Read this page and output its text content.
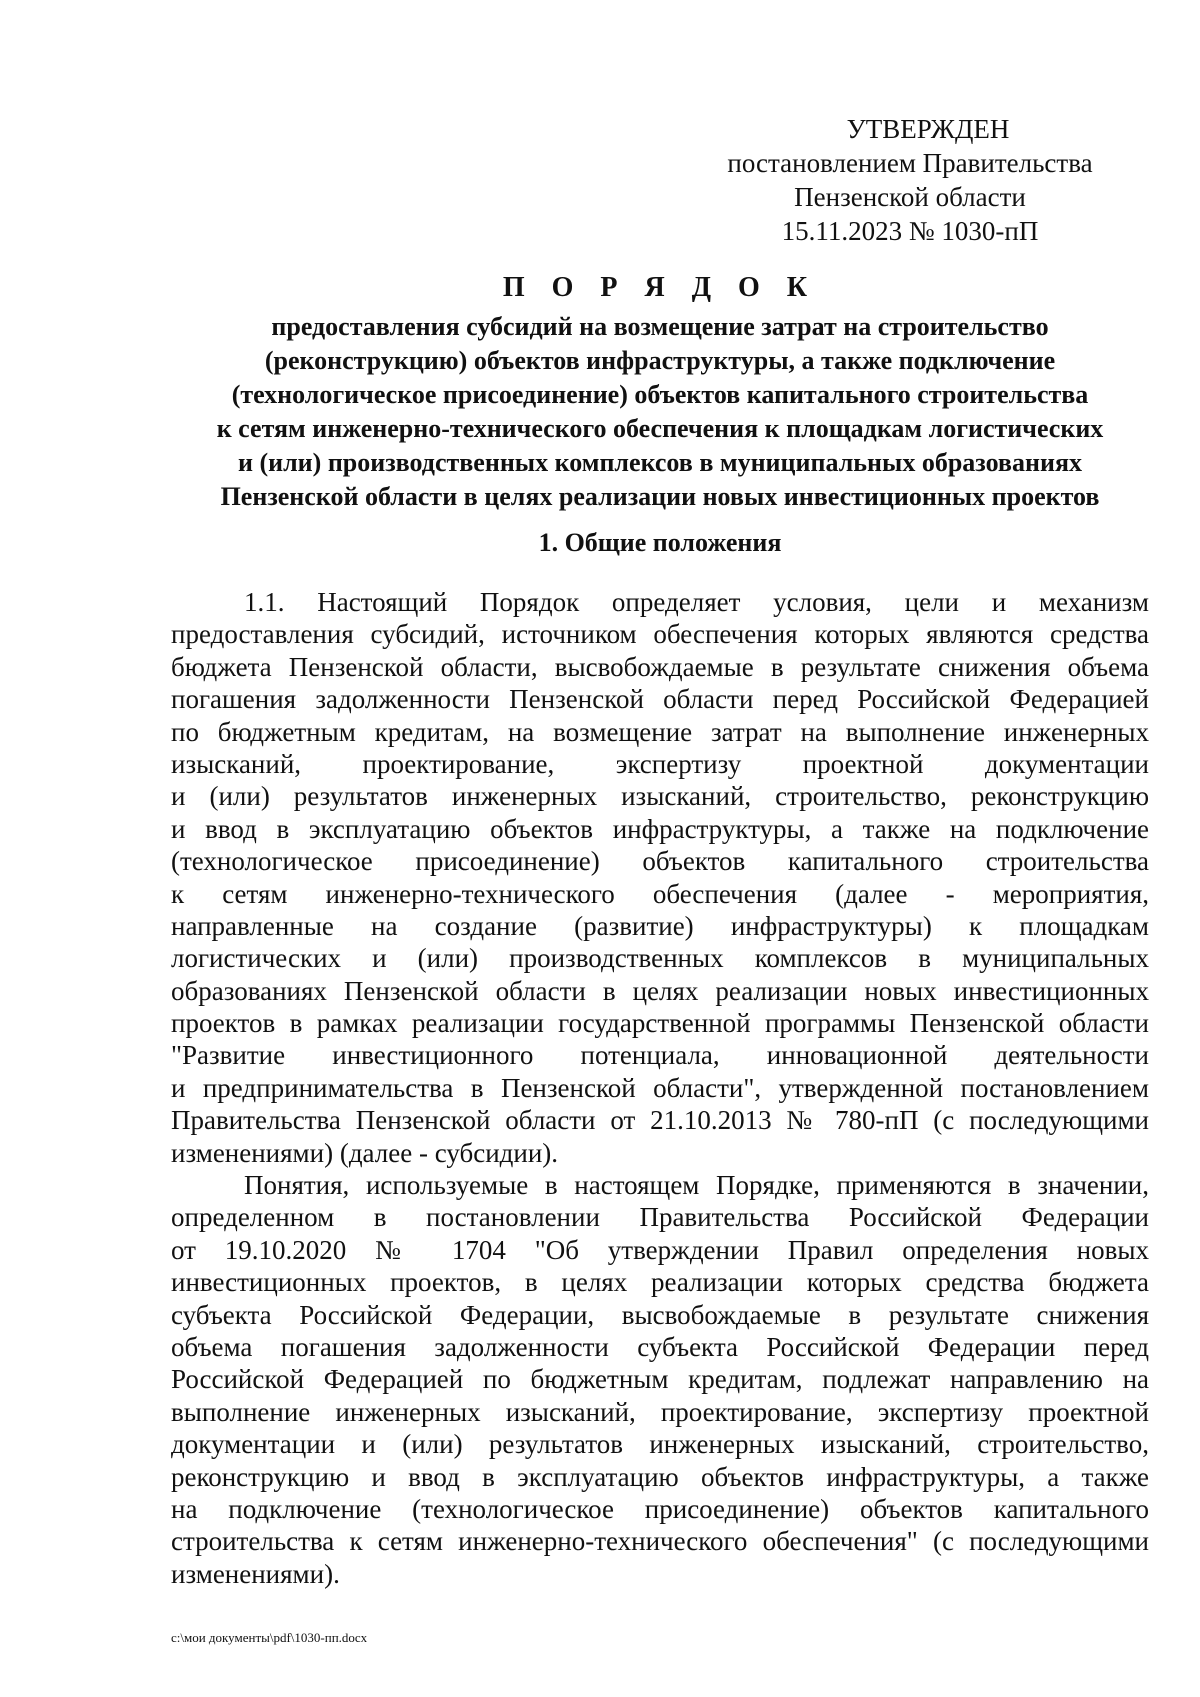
УТВЕРЖДЕН
постановлением Правительства
Пензенской области
15.11.2023 № 1030-пП
П О Р Я Д О К
предоставления субсидий на возмещение затрат на строительство
(реконструкцию) объектов инфраструктуры, а также подключение
(технологическое присоединение) объектов капитального строительства
к сетям инженерно-технического обеспечения к площадкам логистических
и (или) производственных комплексов в муниципальных образованиях
Пензенской области в целях реализации новых инвестиционных проектов
1. Общие положения
1.1. Настоящий Порядок определяет условия, цели и механизм
предоставления субсидий, источником обеспечения которых являются средства
бюджета Пензенской области, высвобождаемые в результате снижения объема
погашения задолженности Пензенской области перед Российской Федерацией
по бюджетным кредитам, на возмещение затрат на выполнение инженерных
изысканий, проектирование, экспертизу проектной документации
и (или) результатов инженерных изысканий, строительство, реконструкцию
и ввод в эксплуатацию объектов инфраструктуры, а также на подключение
(технологическое присоединение) объектов капитального строительства
к сетям инженерно-технического обеспечения (далее - мероприятия,
направленные на создание (развитие) инфраструктуры) к площадкам
логистических и (или) производственных комплексов в муниципальных
образованиях Пензенской области в целях реализации новых инвестиционных
проектов в рамках реализации государственной программы Пензенской области
"Развитие инвестиционного потенциала, инновационной деятельности
и предпринимательства в Пензенской области", утвержденной постановлением
Правительства Пензенской области от 21.10.2013 № 780-пП (с последующими
изменениями) (далее - субсидии).
Понятия, используемые в настоящем Порядке, применяются в значении,
определенном в постановлении Правительства Российской Федерации
от 19.10.2020 № 1704 "Об утверждении Правил определения новых
инвестиционных проектов, в целях реализации которых средства бюджета
субъекта Российской Федерации, высвобождаемые в результате снижения
объема погашения задолженности субъекта Российской Федерации перед
Российской Федерацией по бюджетным кредитам, подлежат направлению на
выполнение инженерных изысканий, проектирование, экспертизу проектной
документации и (или) результатов инженерных изысканий, строительство,
реконструкцию и ввод в эксплуатацию объектов инфраструктуры, а также
на подключение (технологическое присоединение) объектов капитального
строительства к сетям инженерно-технического обеспечения" (с последующими
изменениями).
c:\мои документы\pdf\1030-пп.docx
